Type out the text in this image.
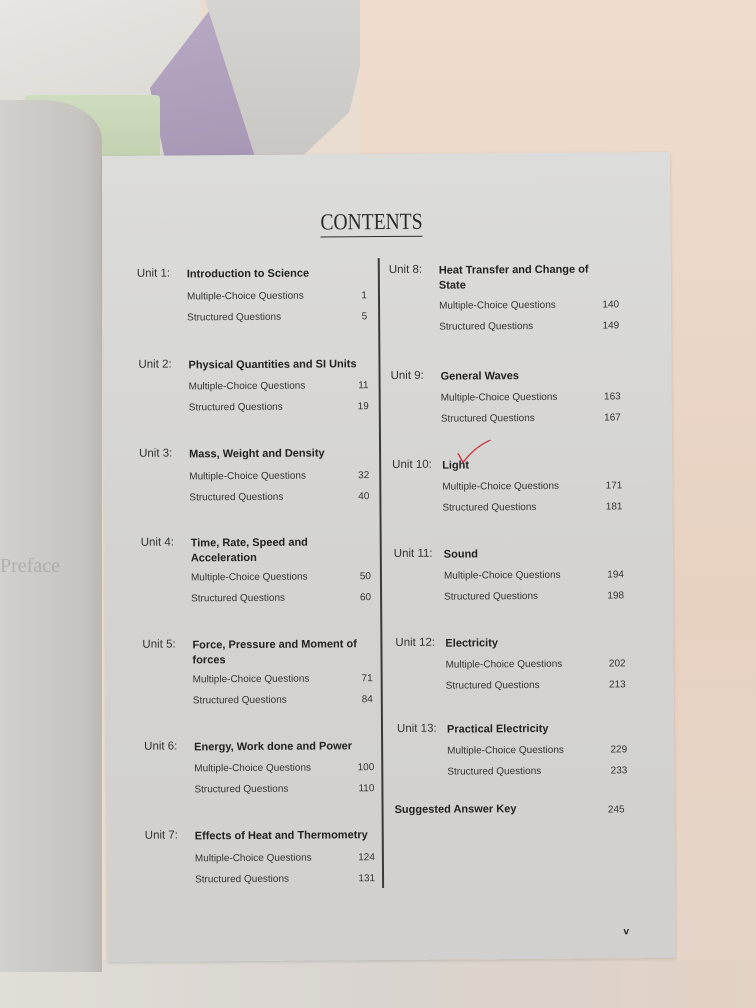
Preface
CONTENTS
Unit 1: Introduction to Science
Multiple-Choice Questions	1
Structured Questions	5
Unit 2: Physical Quantities and SI Units
Multiple-Choice Questions	11
Structured Questions	19
Unit 3: Mass, Weight and Density
Multiple-Choice Questions	32
Structured Questions	40
Unit 4: Time, Rate, Speed and Acceleration
Multiple-Choice Questions	50
Structured Questions	60
Unit 5: Force, Pressure and Moment of forces
Multiple-Choice Questions	71
Structured Questions	84
Unit 6: Energy, Work done and Power
Multiple-Choice Questions	100
Structured Questions	110
Unit 7: Effects of Heat and Thermometry
Multiple-Choice Questions	124
Structured Questions	131
Unit 8: Heat Transfer and Change of State
Multiple-Choice Questions	140
Structured Questions	149
Unit 9: General Waves
Multiple-Choice Questions	163
Structured Questions	167
Unit 10: Light
Multiple-Choice Questions	171
Structured Questions	181
Unit 11: Sound
Multiple-Choice Questions	194
Structured Questions	198
Unit 12: Electricity
Multiple-Choice Questions	202
Structured Questions	213
Unit 13: Practical Electricity
Multiple-Choice Questions	229
Structured Questions	233
Suggested Answer Key	245
v
